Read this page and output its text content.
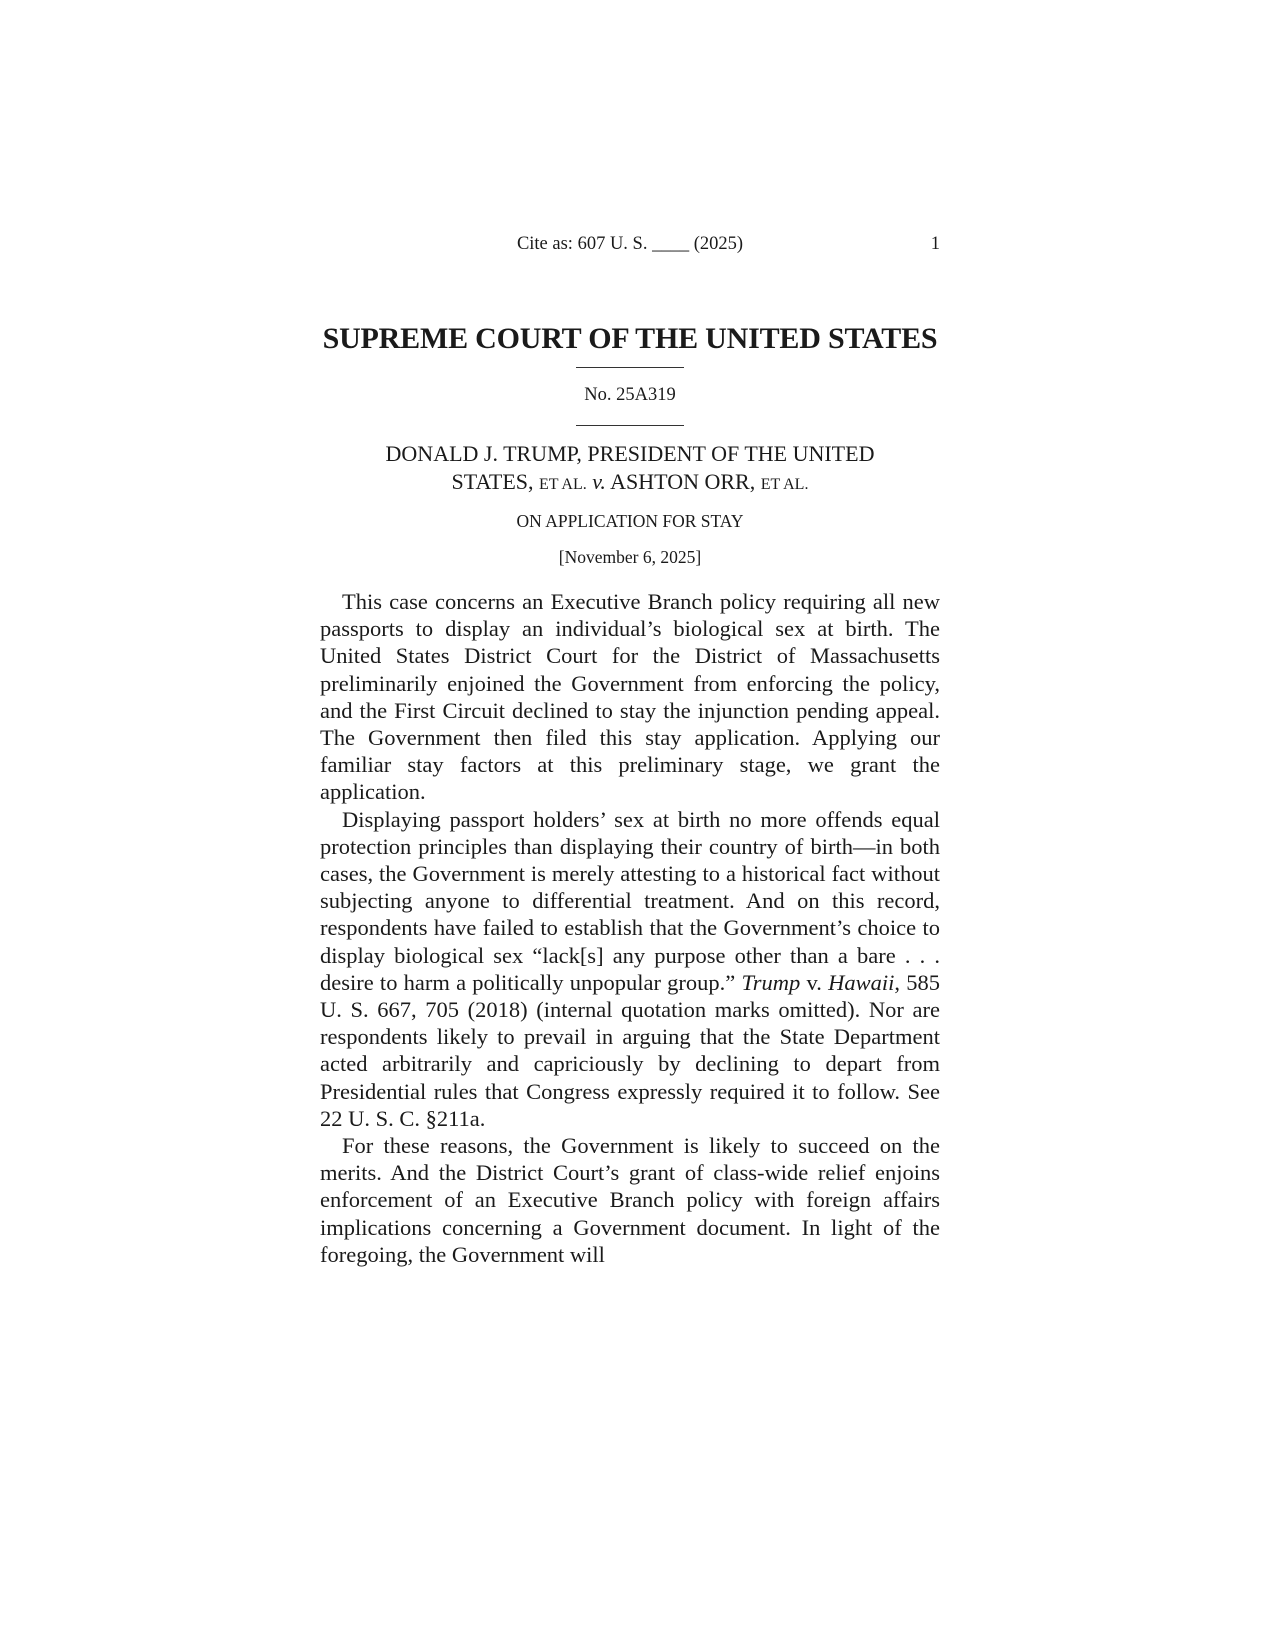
Cite as: 607 U. S. ____ (2025)	1
SUPREME COURT OF THE UNITED STATES
No. 25A319
DONALD J. TRUMP, PRESIDENT OF THE UNITED
STATES, ET AL. v. ASHTON ORR, ET AL.
ON APPLICATION FOR STAY
[November 6, 2025]

This case concerns an Executive Branch policy requiring all new passports to display an individual’s biological sex at birth. The United States District Court for the District of Massachusetts preliminarily enjoined the Government from enforcing the policy, and the First Circuit declined to stay the injunction pending appeal. The Government then filed this stay application. Applying our familiar stay factors at this preliminary stage, we grant the application.

Displaying passport holders’ sex at birth no more offends equal protection principles than displaying their country of birth—in both cases, the Government is merely attesting to a historical fact without subjecting anyone to differential treatment. And on this record, respondents have failed to establish that the Government’s choice to display biological sex “lack[s] any purpose other than a bare . . . desire to harm a politically unpopular group.” Trump v. Hawaii, 585 U. S. 667, 705 (2018) (internal quotation marks omitted). Nor are respondents likely to prevail in arguing that the State Department acted arbitrarily and capriciously by declining to depart from Presidential rules that Congress expressly required it to follow. See 22 U. S. C. §211a.

For these reasons, the Government is likely to succeed on the merits. And the District Court’s grant of class-wide relief enjoins enforcement of an Executive Branch policy with foreign affairs implications concerning a Government document. In light of the foregoing, the Government will
